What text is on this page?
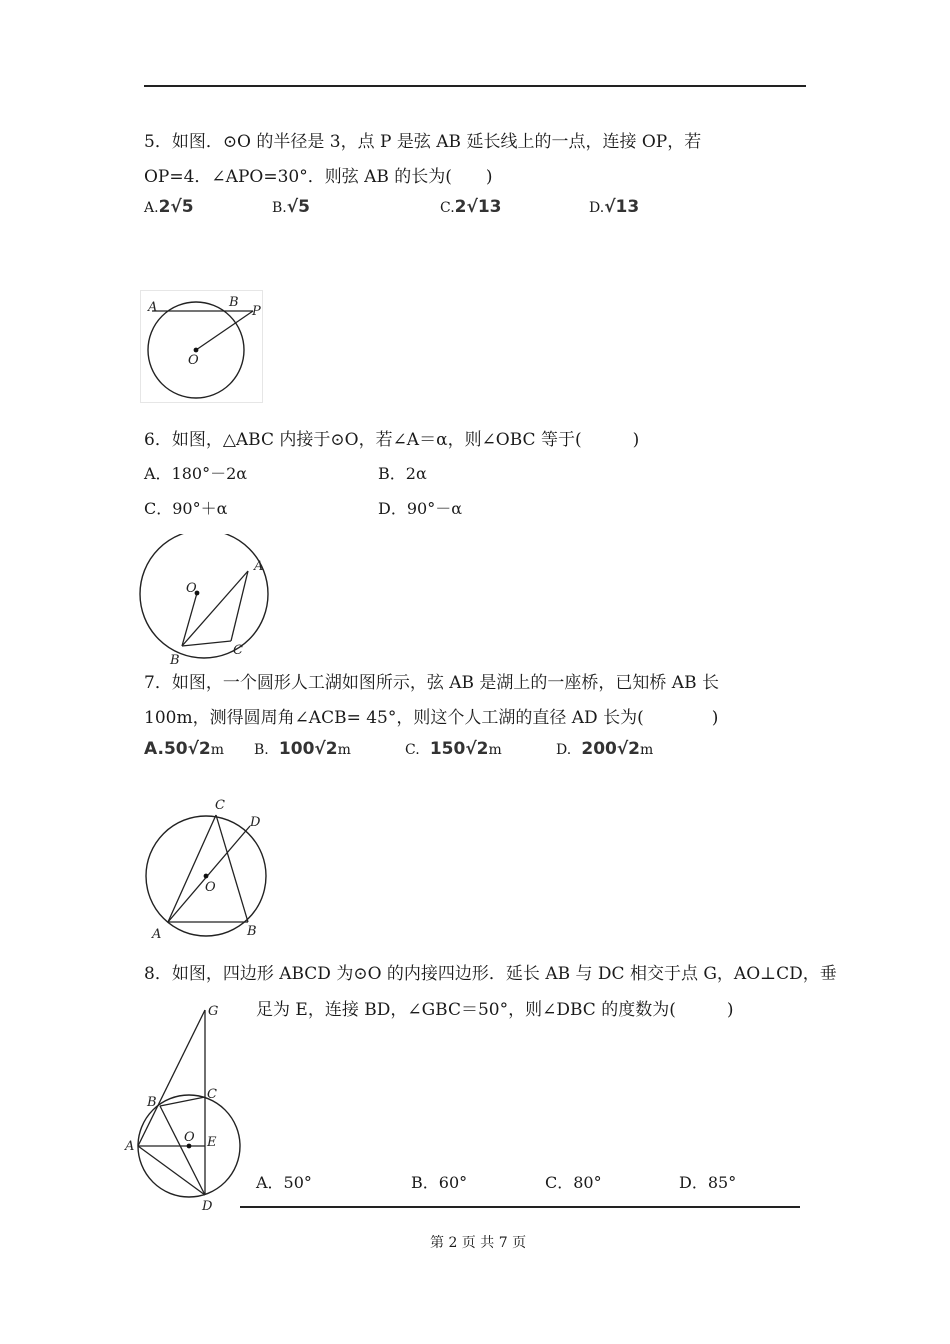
5．如图．⊙O 的半径是 3，点 P 是弦 AB 延长线上的一点，连接 OP，若
OP=4．∠APO=30°．则弦 AB 的长为(　　)
A.2√5	B.√5	C.2√13	D.√13
A	B
P
O
6．如图，△ABC 内接于⊙O，若∠A＝α，则∠OBC 等于(　　　)
A．180°－2α	B．2α
C．90°＋α	D．90°－α
A
B
C
O
7．如图，一个圆形人工湖如图所示，弦 AB 是湖上的一座桥，已知桥 AB 长
100m，测得圆周角∠ACB= 45°，则这个人工湖的直径 AD 长为(　　　　)
A.50√2m B. 100√2m	C. 150√2m	D. 200√2m
A	B
C
D
O
8．如图，四边形 ABCD 为⊙O 的内接四边形．延长 AB 与 DC 相交于点 G，AO⊥CD，垂
足为 E，连接 BD，∠GBC＝50°，则∠DBC 的度数为(　　　)
G
B
C
A
O E
D
A．50°	B．60°	C．80°	D．85°
第 2 页 共 7 页
